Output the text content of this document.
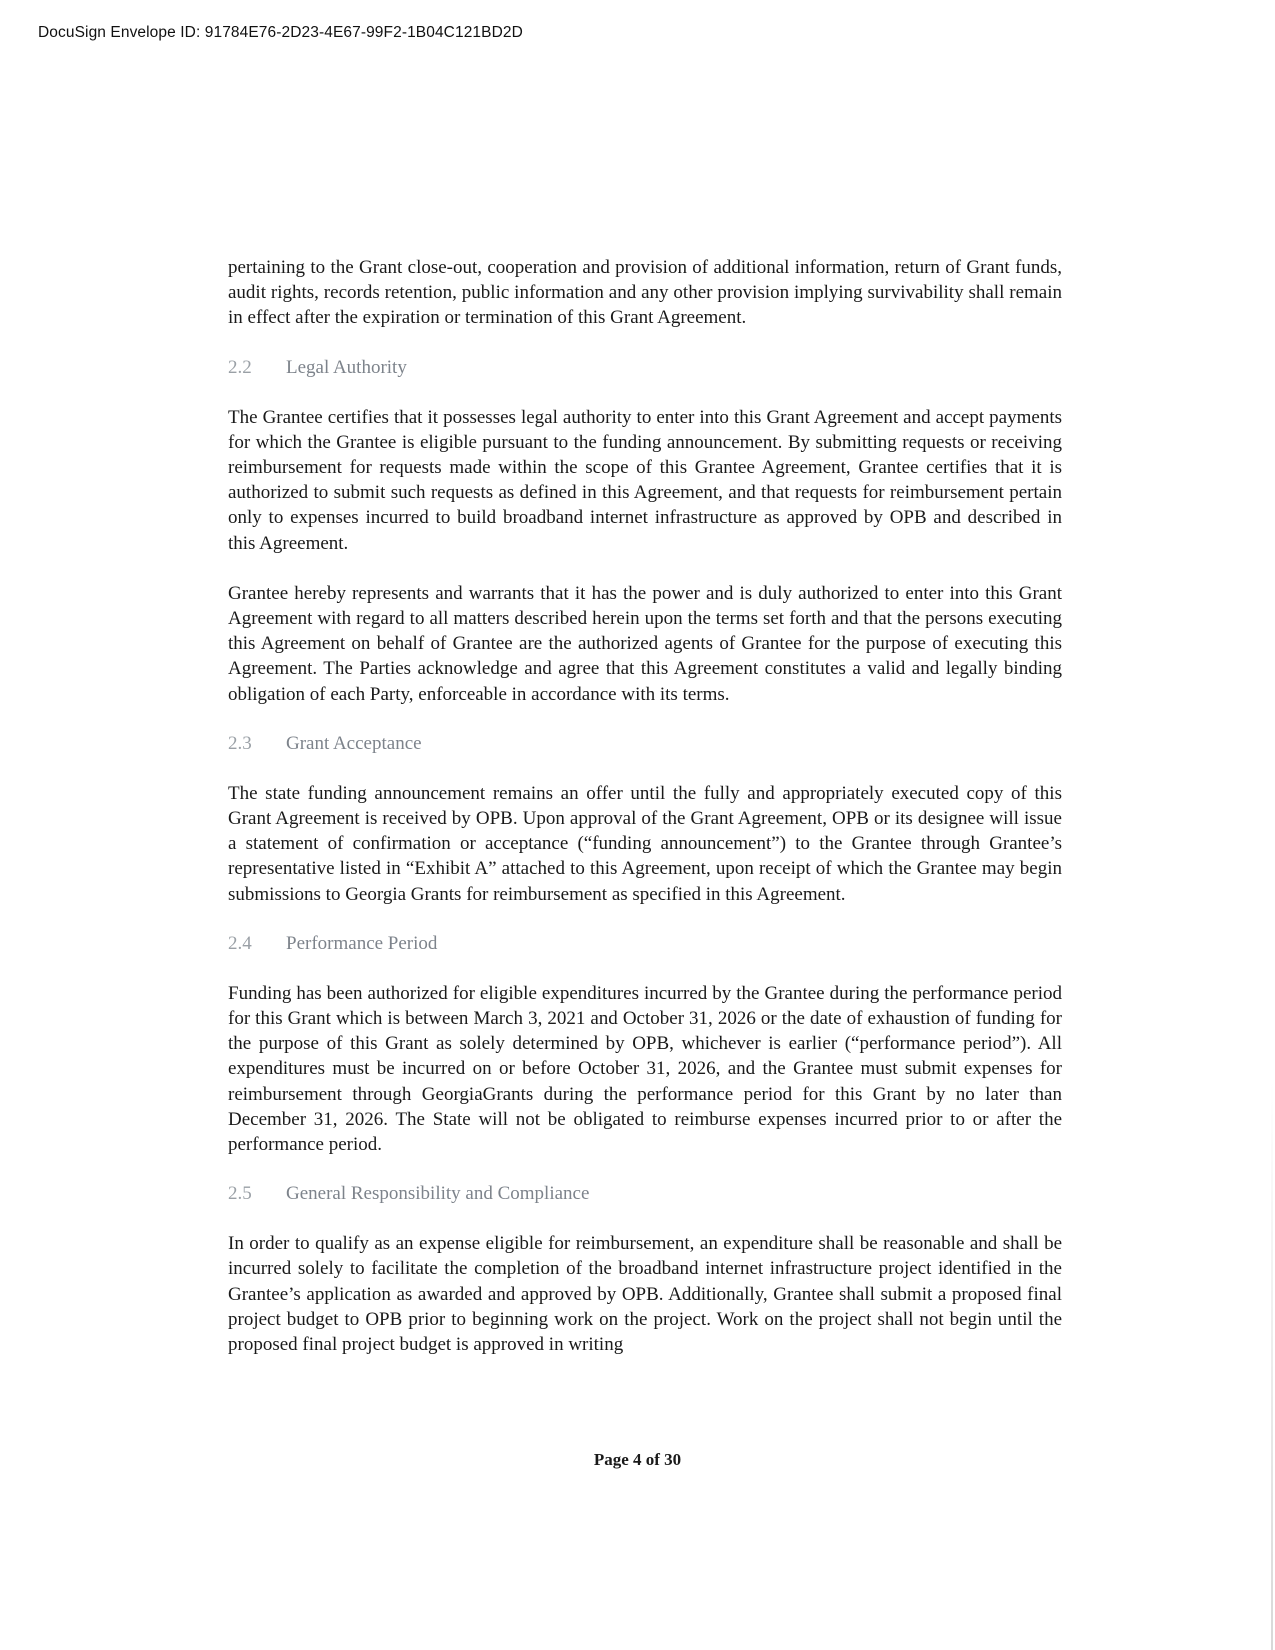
DocuSign Envelope ID: 91784E76-2D23-4E67-99F2-1B04C121BD2D

pertaining to the Grant close-out, cooperation and provision of additional information, return of Grant funds, audit rights, records retention, public information and any other provision implying survivability shall remain in effect after the expiration or termination of this Grant Agreement.

2.2	Legal Authority

The Grantee certifies that it possesses legal authority to enter into this Grant Agreement and accept payments for which the Grantee is eligible pursuant to the funding announcement. By submitting requests or receiving reimbursement for requests made within the scope of this Grantee Agreement, Grantee certifies that it is authorized to submit such requests as defined in this Agreement, and that requests for reimbursement pertain only to expenses incurred to build broadband internet infrastructure as approved by OPB and described in this Agreement.

Grantee hereby represents and warrants that it has the power and is duly authorized to enter into this Grant Agreement with regard to all matters described herein upon the terms set forth and that the persons executing this Agreement on behalf of Grantee are the authorized agents of Grantee for the purpose of executing this Agreement. The Parties acknowledge and agree that this Agreement constitutes a valid and legally binding obligation of each Party, enforceable in accordance with its terms.

2.3	Grant Acceptance

The state funding announcement remains an offer until the fully and appropriately executed copy of this Grant Agreement is received by OPB. Upon approval of the Grant Agreement, OPB or its designee will issue a statement of confirmation or acceptance (“funding announcement”) to the Grantee through Grantee’s representative listed in “Exhibit A” attached to this Agreement, upon receipt of which the Grantee may begin submissions to Georgia Grants for reimbursement as specified in this Agreement.

2.4	Performance Period

Funding has been authorized for eligible expenditures incurred by the Grantee during the performance period for this Grant which is between March 3, 2021 and October 31, 2026 or the date of exhaustion of funding for the purpose of this Grant as solely determined by OPB, whichever is earlier (“performance period”). All expenditures must be incurred on or before October 31, 2026, and the Grantee must submit expenses for reimbursement through GeorgiaGrants during the performance period for this Grant by no later than December 31, 2026. The State will not be obligated to reimburse expenses incurred prior to or after the performance period.

2.5	General Responsibility and Compliance

In order to qualify as an expense eligible for reimbursement, an expenditure shall be reasonable and shall be incurred solely to facilitate the completion of the broadband internet infrastructure project identified in the Grantee’s application as awarded and approved by OPB. Additionally, Grantee shall submit a proposed final project budget to OPB prior to beginning work on the project. Work on the project shall not begin until the proposed final project budget is approved in writing

Page 4 of 30
